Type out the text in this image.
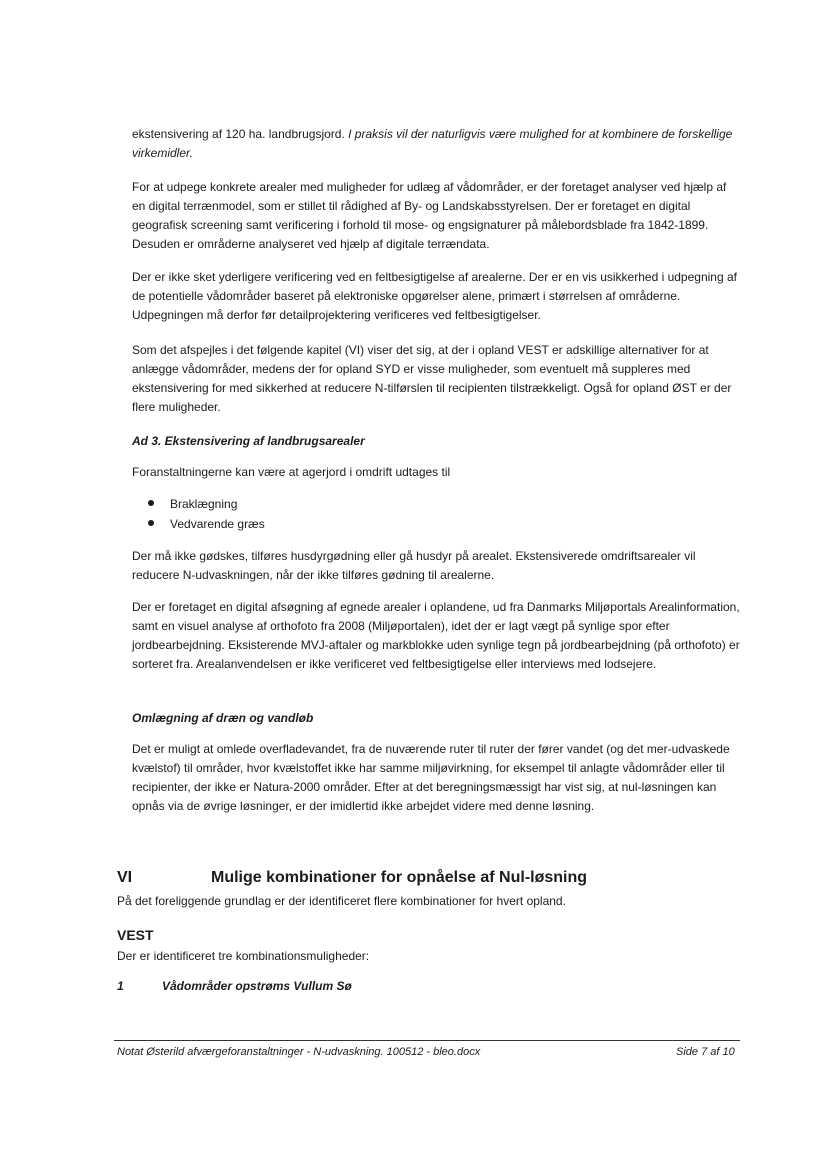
ekstensivering af 120 ha. landbrugsjord. I praksis vil der naturligvis være mulighed for at kombinere de forskellige virkemidler.

For at udpege konkrete arealer med muligheder for udlæg af vådområder, er der foretaget analyser ved hjælp af en digital terrænmodel, som er stillet til rådighed af By- og Landskabsstyrelsen. Der er foretaget en digital geografisk screening samt verificering i forhold til mose- og engsignaturer på målebordsblade fra 1842-1899. Desuden er områderne analyseret ved hjælp af digitale terrændata.

Der er ikke sket yderligere verificering ved en feltbesigtigelse af arealerne. Der er en vis usikkerhed i udpegning af de potentielle vådområder baseret på elektroniske opgørelser alene, primært i størrelsen af områderne. Udpegningen må derfor før detailprojektering verificeres ved feltbesigtigelser.

Som det afspejles i det følgende kapitel (VI) viser det sig, at der i opland VEST er adskillige alternativer for at anlægge vådområder, medens der for opland SYD er visse muligheder, som eventuelt må suppleres med ekstensivering for med sikkerhed at reducere N-tilførslen til recipienten tilstrækkeligt. Også for opland ØST er der flere muligheder.

Ad 3. Ekstensivering af landbrugsarealer

Foranstaltningerne kan være at agerjord i omdrift udtages til

Braklægning
Vedvarende græs

Der må ikke gødskes, tilføres husdyrgødning eller gå husdyr på arealet. Ekstensiverede omdriftsarealer vil reducere N-udvaskningen, når der ikke tilføres gødning til arealerne.

Der er foretaget en digital afsøgning af egnede arealer i oplandene, ud fra Danmarks Miljøportals Arealinformation, samt en visuel analyse af orthofoto fra 2008 (Miljøportalen), idet der er lagt vægt på synlige spor efter jordbearbejdning. Eksisterende MVJ-aftaler og markblokke uden synlige tegn på jordbearbejdning (på orthofoto) er sorteret fra. Arealanvendelsen er ikke verificeret ved feltbesigtigelse eller interviews med lodsejere.

Omlægning af dræn og vandløb

Det er muligt at omlede overfladevandet, fra de nuværende ruter til ruter der fører vandet (og det mer-udvaskede kvælstof) til områder, hvor kvælstoffet ikke har samme miljøvirkning, for eksempel til anlagte vådområder eller til recipienter, der ikke er Natura-2000 områder. Efter at det beregningsmæssigt har vist sig, at nul-løsningen kan opnås via de øvrige løsninger, er der imidlertid ikke arbejdet videre med denne løsning.

VI	Mulige kombinationer for opnåelse af Nul-løsning

På det foreliggende grundlag er der identificeret flere kombinationer for hvert opland.

VEST

Der er identificeret tre kombinationsmuligheder:

1	Vådområder opstrøms Vullum Sø
Notat Østerild afværgeforanstaltninger - N-udvaskning. 100512 - bleo.docx	Side 7 af 10
